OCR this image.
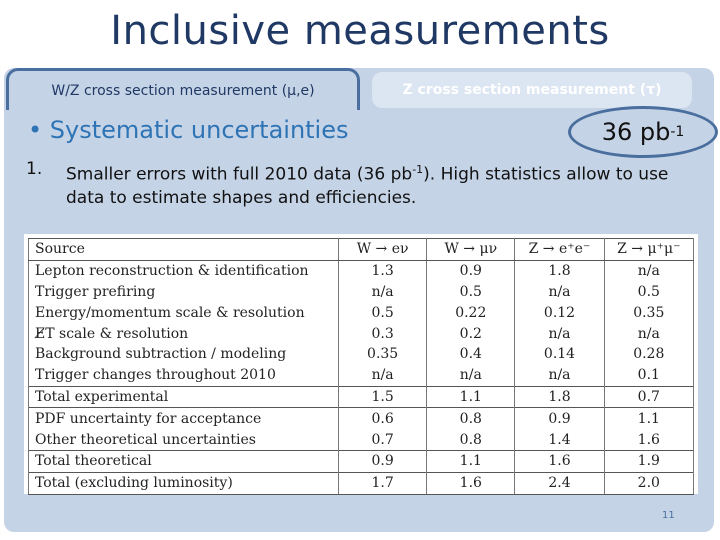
Inclusive measurements
W/Z cross section measurement (μ,e)	Z cross section measurement (τ)
• Systematic uncertainties	36 pb -1
1. Smaller errors with full 2010 data (36 $pb^{-1}$). High statistics allow to use data to estimate shapes and efficiencies.
Source	W → eν	W → μν	Z → e⁺e⁻	Z → μ⁺μ⁻
Lepton reconstruction & identification	1.3	0.9	1.8	n/a
Trigger prefiring	n/a	0.5	n/a	0.5
Energy/momentum scale & resolution	0.5	0.22	0.12	0.35
E̸T scale & resolution	0.3	0.2	n/a	n/a
Background subtraction / modeling	0.35	0.4	0.14	0.28
Trigger changes throughout 2010	n/a	n/a	n/a	0.1
Total experimental	1.5	1.1	1.8	0.7
PDF uncertainty for acceptance	0.6	0.8	0.9	1.1
Other theoretical uncertainties	0.7	0.8	1.4	1.6
Total theoretical	0.9	1.1	1.6	1.9
Total (excluding luminosity)	1.7	1.6	2.4	2.0
11
